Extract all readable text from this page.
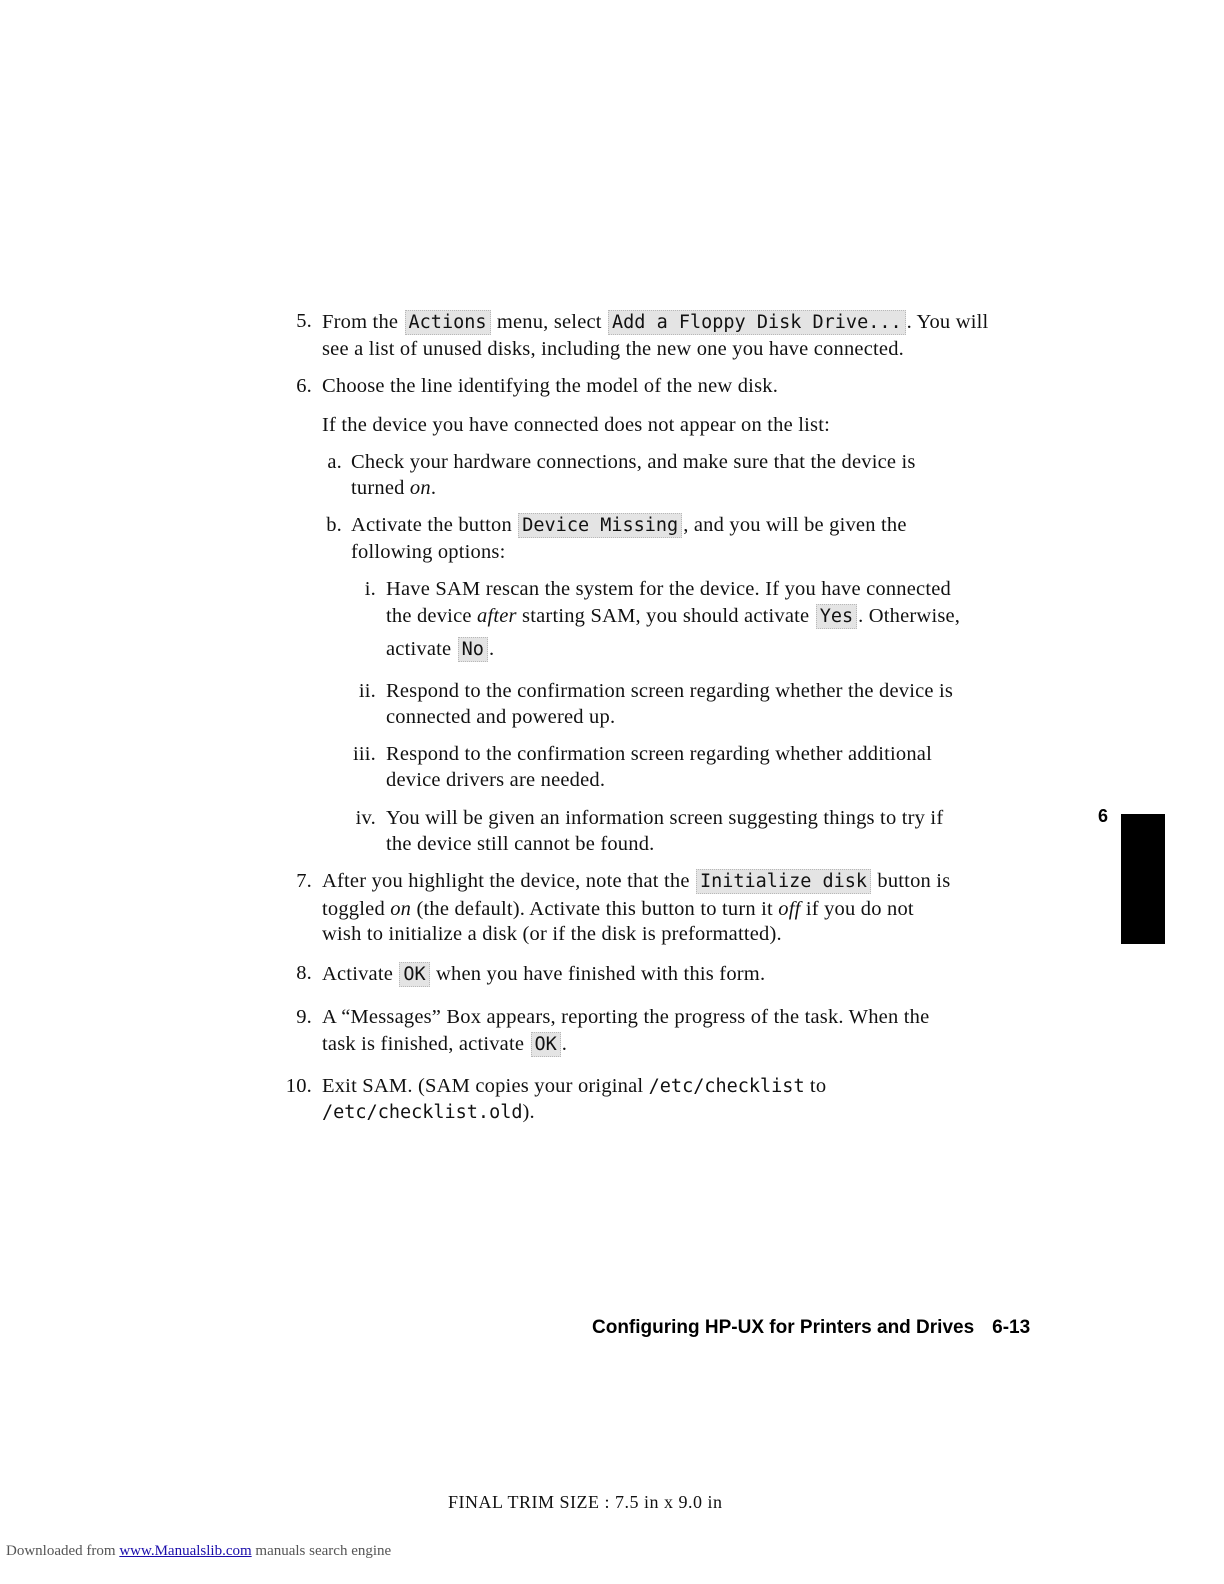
5. From the Actions menu, select Add a Floppy Disk Drive... . You will
see a list of unused disks, including the new one you have connected.
6. Choose the line identifying the model of the new disk.
If the device you have connected does not appear on the list:
a. Check your hardware connections, and make sure that the device is
turned on.
b. Activate the button Device Missing , and you will be given the
following options:
i. Have SAM rescan the system for the device. If you have connected
the device after starting SAM, you should activate Yes . Otherwise,
activate No .
ii. Respond to the confirmation screen regarding whether the device is
connected and powered up.
iii. Respond to the confirmation screen regarding whether additional
device drivers are needed.
iv. You will be given an information screen suggesting things to try if
the device still cannot be found.
7. After you highlight the device, note that the Initialize disk button is
toggled on (the default). Activate this button to turn it off if you do not
wish to initialize a disk (or if the disk is preformatted).
8. Activate OK when you have finished with this form.
9. A “Messages” Box appears, reporting the progress of the task. When the
task is finished, activate OK .
10. Exit SAM. (SAM copies your original /etc/checklist to
/etc/checklist.old).
6
Configuring HP-UX for Printers and Drives 6-13
FINAL TRIM SIZE : 7.5 in x 9.0 in
Downloaded from www.Manualslib.com manuals search engine
